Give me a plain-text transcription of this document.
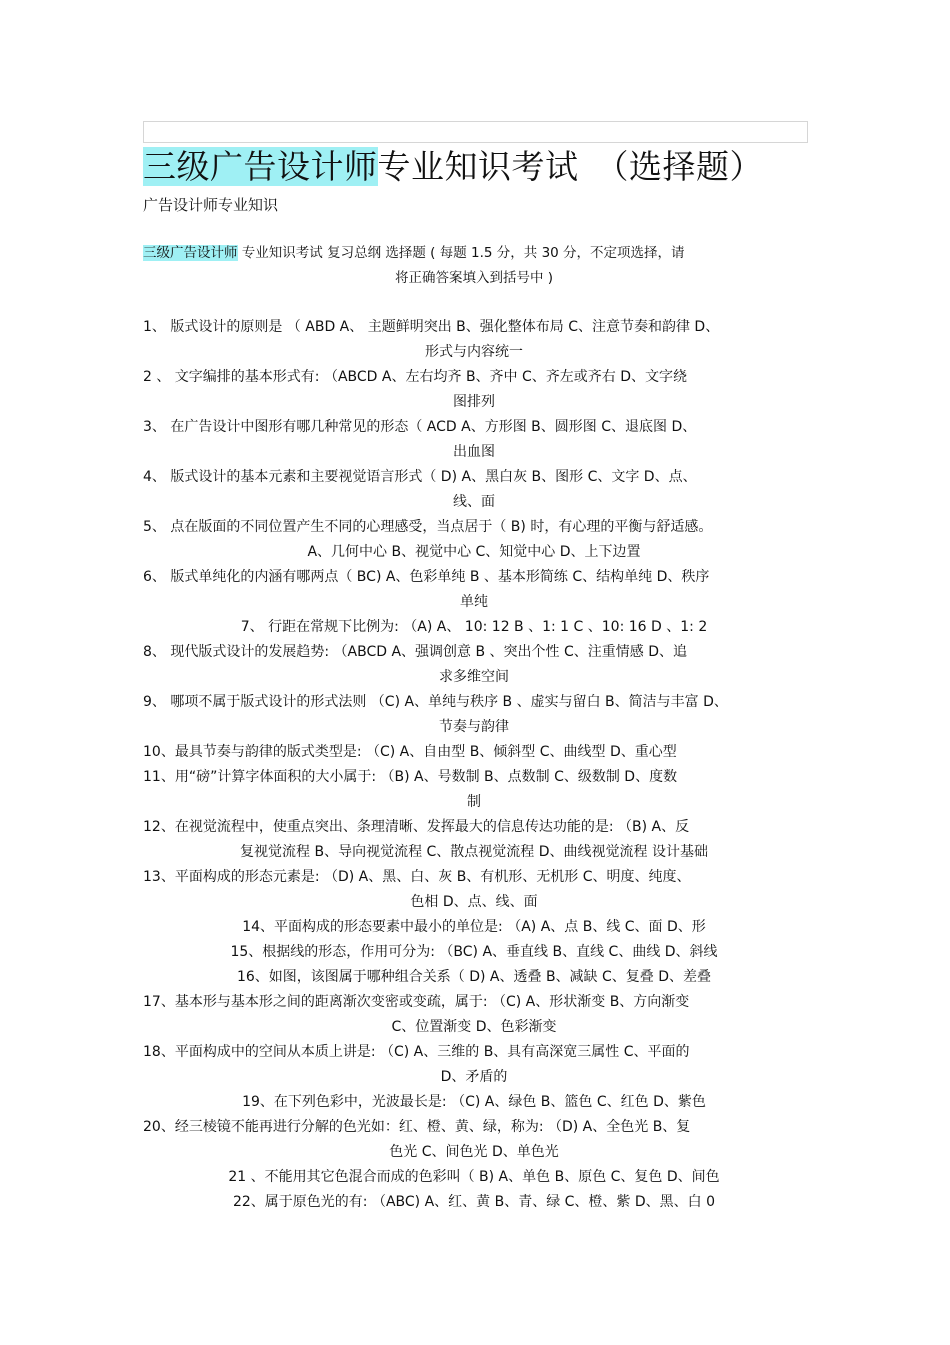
三级广告设计师专业知识考试　（选择题）
广告设计师专业知识
三级广告设计师 专业知识考试 复习总纲 选择题 ( 每题 1.5 分，共 30 分，不定项选择，请
将正确答案填入到括号中 )
1、 版式设计的原则是 （ ABD A、 主题鲜明突出 B、强化整体布局 C、注意节奏和韵律 D、
形式与内容统一
2 、 文字编排的基本形式有: （ABCD A、左右均齐 B、齐中 C、齐左或齐右 D、文字绕
图排列
3、 在广告设计中图形有哪几种常见的形态（ ACD A、方形图 B、圆形图 C、退底图 D、
出血图
4、 版式设计的基本元素和主要视觉语言形式（ D) A、黑白灰 B、图形 C、文字 D、点、
线、面
5、 点在版面的不同位置产生不同的心理感受，当点居于（ B) 时，有心理的平衡与舒适感。
A、几何中心 B、视觉中心 C、知觉中心 D、上下边置
6、 版式单纯化的内涵有哪两点（ BC) A、色彩单纯 B 、基本形简练 C、结构单纯 D、秩序
单纯
7、 行距在常规下比例为: （A) A、 10: 12 B 、1: 1 C 、10: 16 D 、1: 2
8、 现代版式设计的发展趋势: （ABCD A、强调创意 B 、突出个性 C、注重情感 D、追
求多维空间
9、 哪项不属于版式设计的形式法则 （C) A、单纯与秩序 B 、虚实与留白 B、简洁与丰富 D、
节奏与韵律
10、最具节奏与韵律的版式类型是: （C) A、自由型 B、倾斜型 C、曲线型 D、重心型
11、用“磅”计算字体面积的大小属于: （B) A、号数制 B、点数制 C、级数制 D、度数
制
12、在视觉流程中，使重点突出、条理清晰、发挥最大的信息传达功能的是: （B) A、反
复视觉流程 B、导向视觉流程 C、散点视觉流程 D、曲线视觉流程 设计基础
13、平面构成的形态元素是: （D) A、黑、白、灰 B、有机形、无机形 C、明度、纯度、
色相 D、点、线、面
14、平面构成的形态要素中最小的单位是: （A) A、点 B、线 C、面 D、形
15、根据线的形态，作用可分为: （BC) A、垂直线 B、直线 C、曲线 D、斜线
16、如图，该图属于哪种组合关系（ D) A、透叠 B、减缺 C、复叠 D、差叠
17、基本形与基本形之间的距离渐次变密或变疏，属于: （C) A、形状渐变 B、方向渐变
C、位置渐变 D、色彩渐变
18、平面构成中的空间从本质上讲是: （C) A、三维的 B、具有高深宽三属性 C、平面的
D、矛盾的
19、在下列色彩中，光波最长是: （C) A、绿色 B、篮色 C、红色 D、紫色
20、经三棱镜不能再进行分解的色光如：红、橙、黄、绿，称为: （D) A、全色光 B、复
色光 C、间色光 D、单色光
21 、不能用其它色混合而成的色彩叫（ B) A、单色 B、原色 C、复色 D、间色
22、属于原色光的有: （ABC) A、红、黄 B、青、绿 C、橙、紫 D、黑、白 0
